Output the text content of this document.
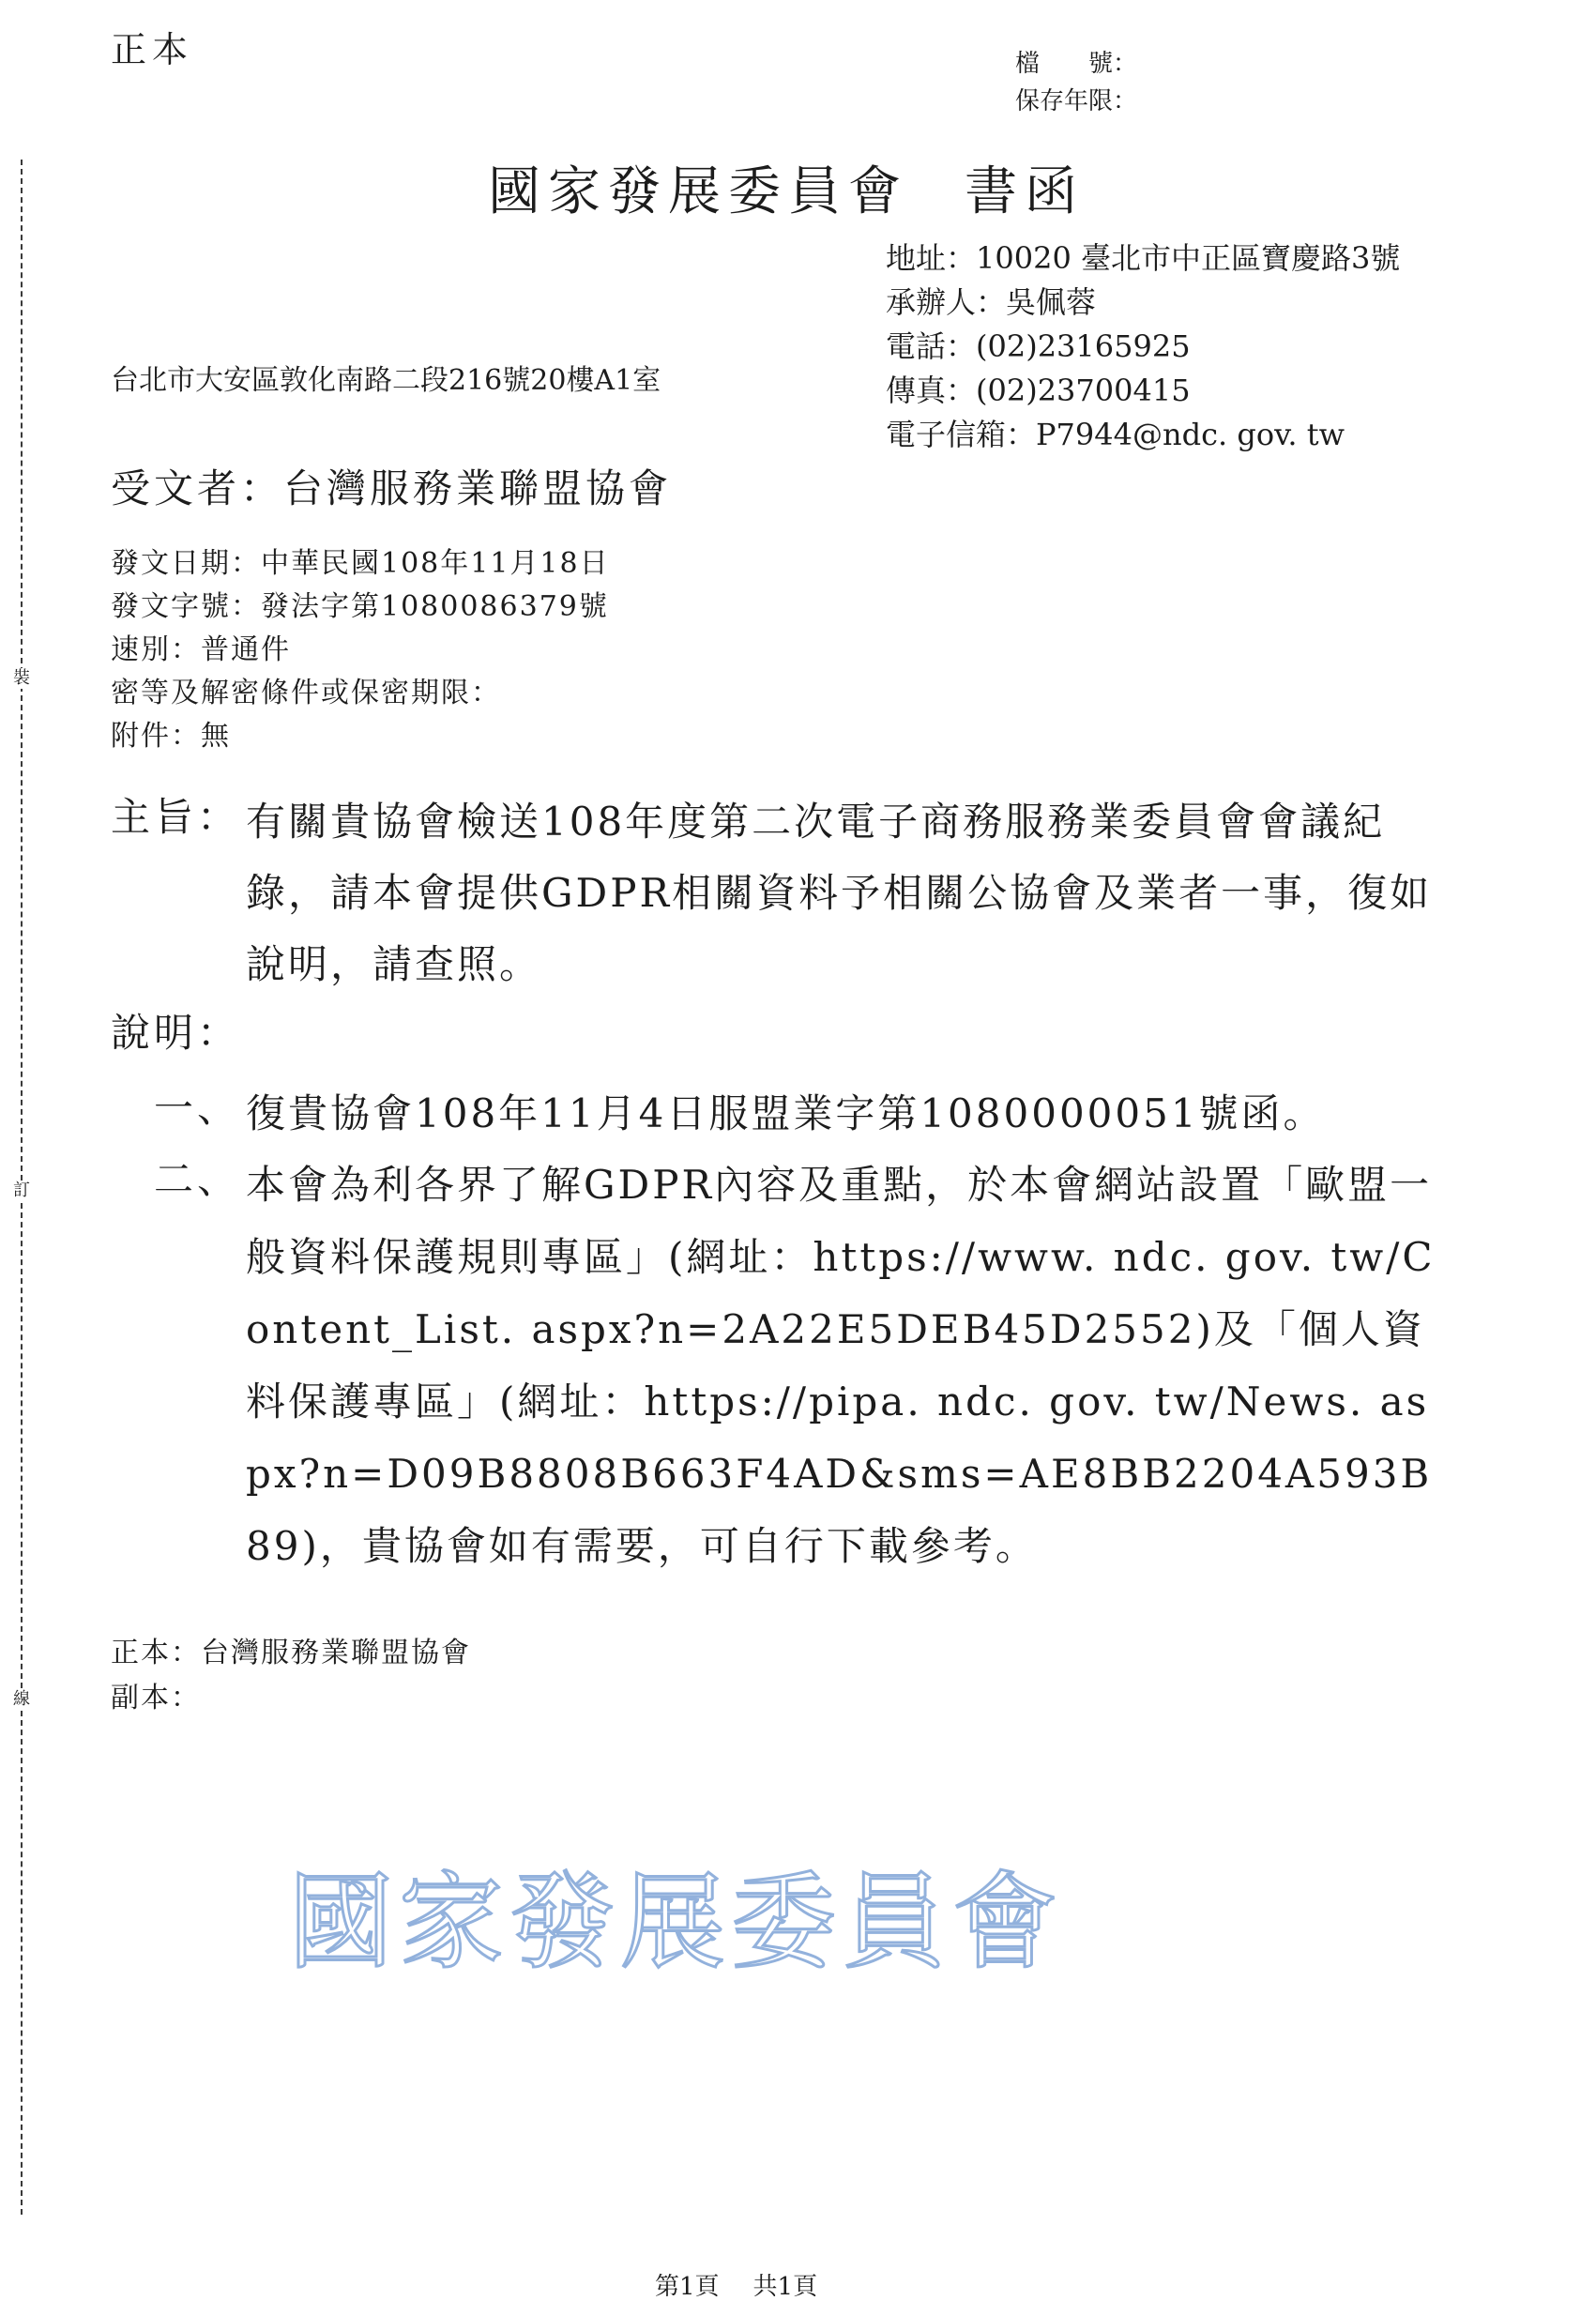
裝
訂
線
正本	檔　　號：
保存年限：
國家發展委員會 書函
地址：10020 臺北市中正區寶慶路3號
承辦人：吳佩蓉
電話：(02)23165925
傳真：(02)23700415
電子信箱：P7944@ndc. gov. tw
台北市大安區敦化南路二段216號20樓A1室
受文者：台灣服務業聯盟協會
發文日期：中華民國108年11月18日
發文字號：發法字第1080086379號
速別：普通件
密等及解密條件或保密期限：
附件：無
主旨： 有關貴協會檢送108年度第二次電子商務服務業委員會會議紀錄，請本會提供GDPR相關資料予相關公協會及業者一事，復如說明，請查照。
說明：
一、 復貴協會108年11月4日服盟業字第1080000051號函。
二、 本會為利各界了解GDPR內容及重點，於本會網站設置「歐盟一般資料保護規則專區」(網址：https://www. ndc. gov. tw/Content_List. aspx?n=2A22E5DEB45D2552)及「個人資料保護專區」(網址：https://pipa. ndc. gov. tw/News. aspx?n=D09B8808B663F4AD&sms=AE8BB2204A593B89)，貴協會如有需要，可自行下載參考。
正本：台灣服務業聯盟協會
副本：
國家發展委員會
第1頁 共1頁
